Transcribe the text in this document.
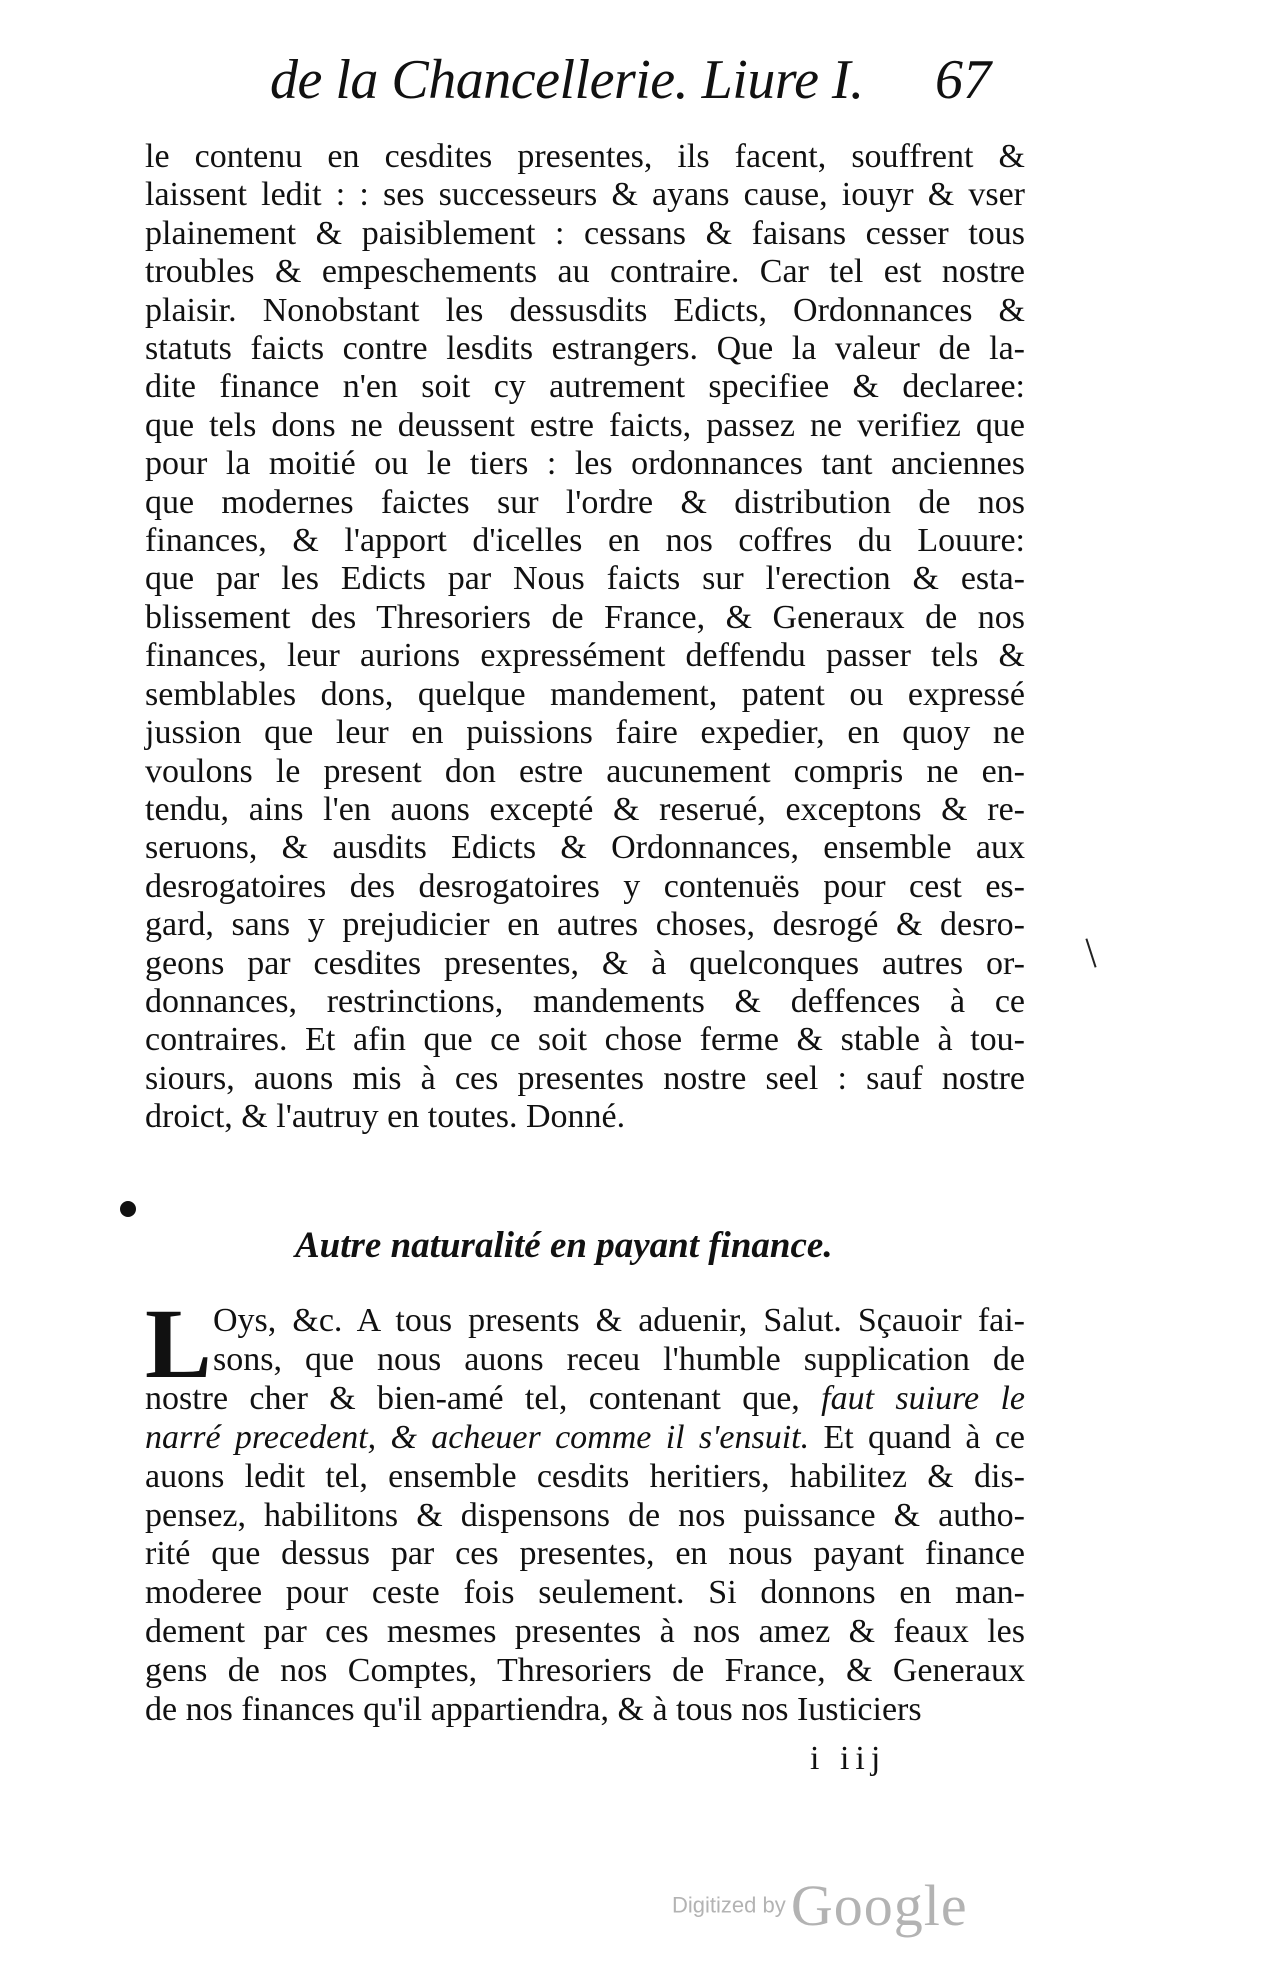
de la Chancellerie. Liure I. 67
le contenu en cesdites presentes, ils facent, souffrent &
laissent ledit : : ses successeurs & ayans cause, iouyr & vser
plainement & paisiblement : cessans & faisans cesser tous
troubles & empeschements au contraire. Car tel est nostre
plaisir. Nonobstant les dessusdits Edicts, Ordonnances &
statuts faicts contre lesdits estrangers. Que la valeur de la-
dite finance n'en soit cy autrement specifiee & declaree:
que tels dons ne deussent estre faicts, passez ne verifiez que
pour la moitié ou le tiers : les ordonnances tant anciennes
que modernes faictes sur l'ordre & distribution de nos
finances, & l'apport d'icelles en nos coffres du Louure:
que par les Edicts par Nous faicts sur l'erection & esta-
blissement des Thresoriers de France, & Generaux de nos
finances, leur aurions expressément deffendu passer tels &
semblables dons, quelque mandement, patent ou expressé
jussion que leur en puissions faire expedier, en quoy ne
voulons le present don estre aucunement compris ne en-
tendu, ains l'en auons excepté & reserué, exceptons & re-
seruons, & ausdits Edicts & Ordonnances, ensemble aux
desrogatoires des desrogatoires y contenuës pour cest es-
gard, sans y prejudicier en autres choses, desrogé & desro-
geons par cesdites presentes, & à quelconques autres or-
donnances, restrinctions, mandements & deffences à ce
contraires. Et afin que ce soit chose ferme & stable à tou-
siours, auons mis à ces presentes nostre seel : sauf nostre
droict, & l'autruy en toutes. Donné.
Autre naturalité en payant finance.
L Oys, &c. A tous presents & aduenir, Salut. Sçauoir fai-
sons, que nous auons receu l'humble supplication de
nostre cher & bien-amé tel, contenant que, faut suiure le
narré precedent, & acheuer comme il s'ensuit. Et quand à ce
auons ledit tel, ensemble cesdits heritiers, habilitez & dis-
pensez, habilitons & dispensons de nos puissance & autho-
rité que dessus par ces presentes, en nous payant finance
moderee pour ceste fois seulement. Si donnons en man-
dement par ces mesmes presentes à nos amez & feaux les
gens de nos Comptes, Thresoriers de France, & Generaux
de nos finances qu'il appartiendra, & à tous nos Iusticiers
i iij
Digitized by Google
